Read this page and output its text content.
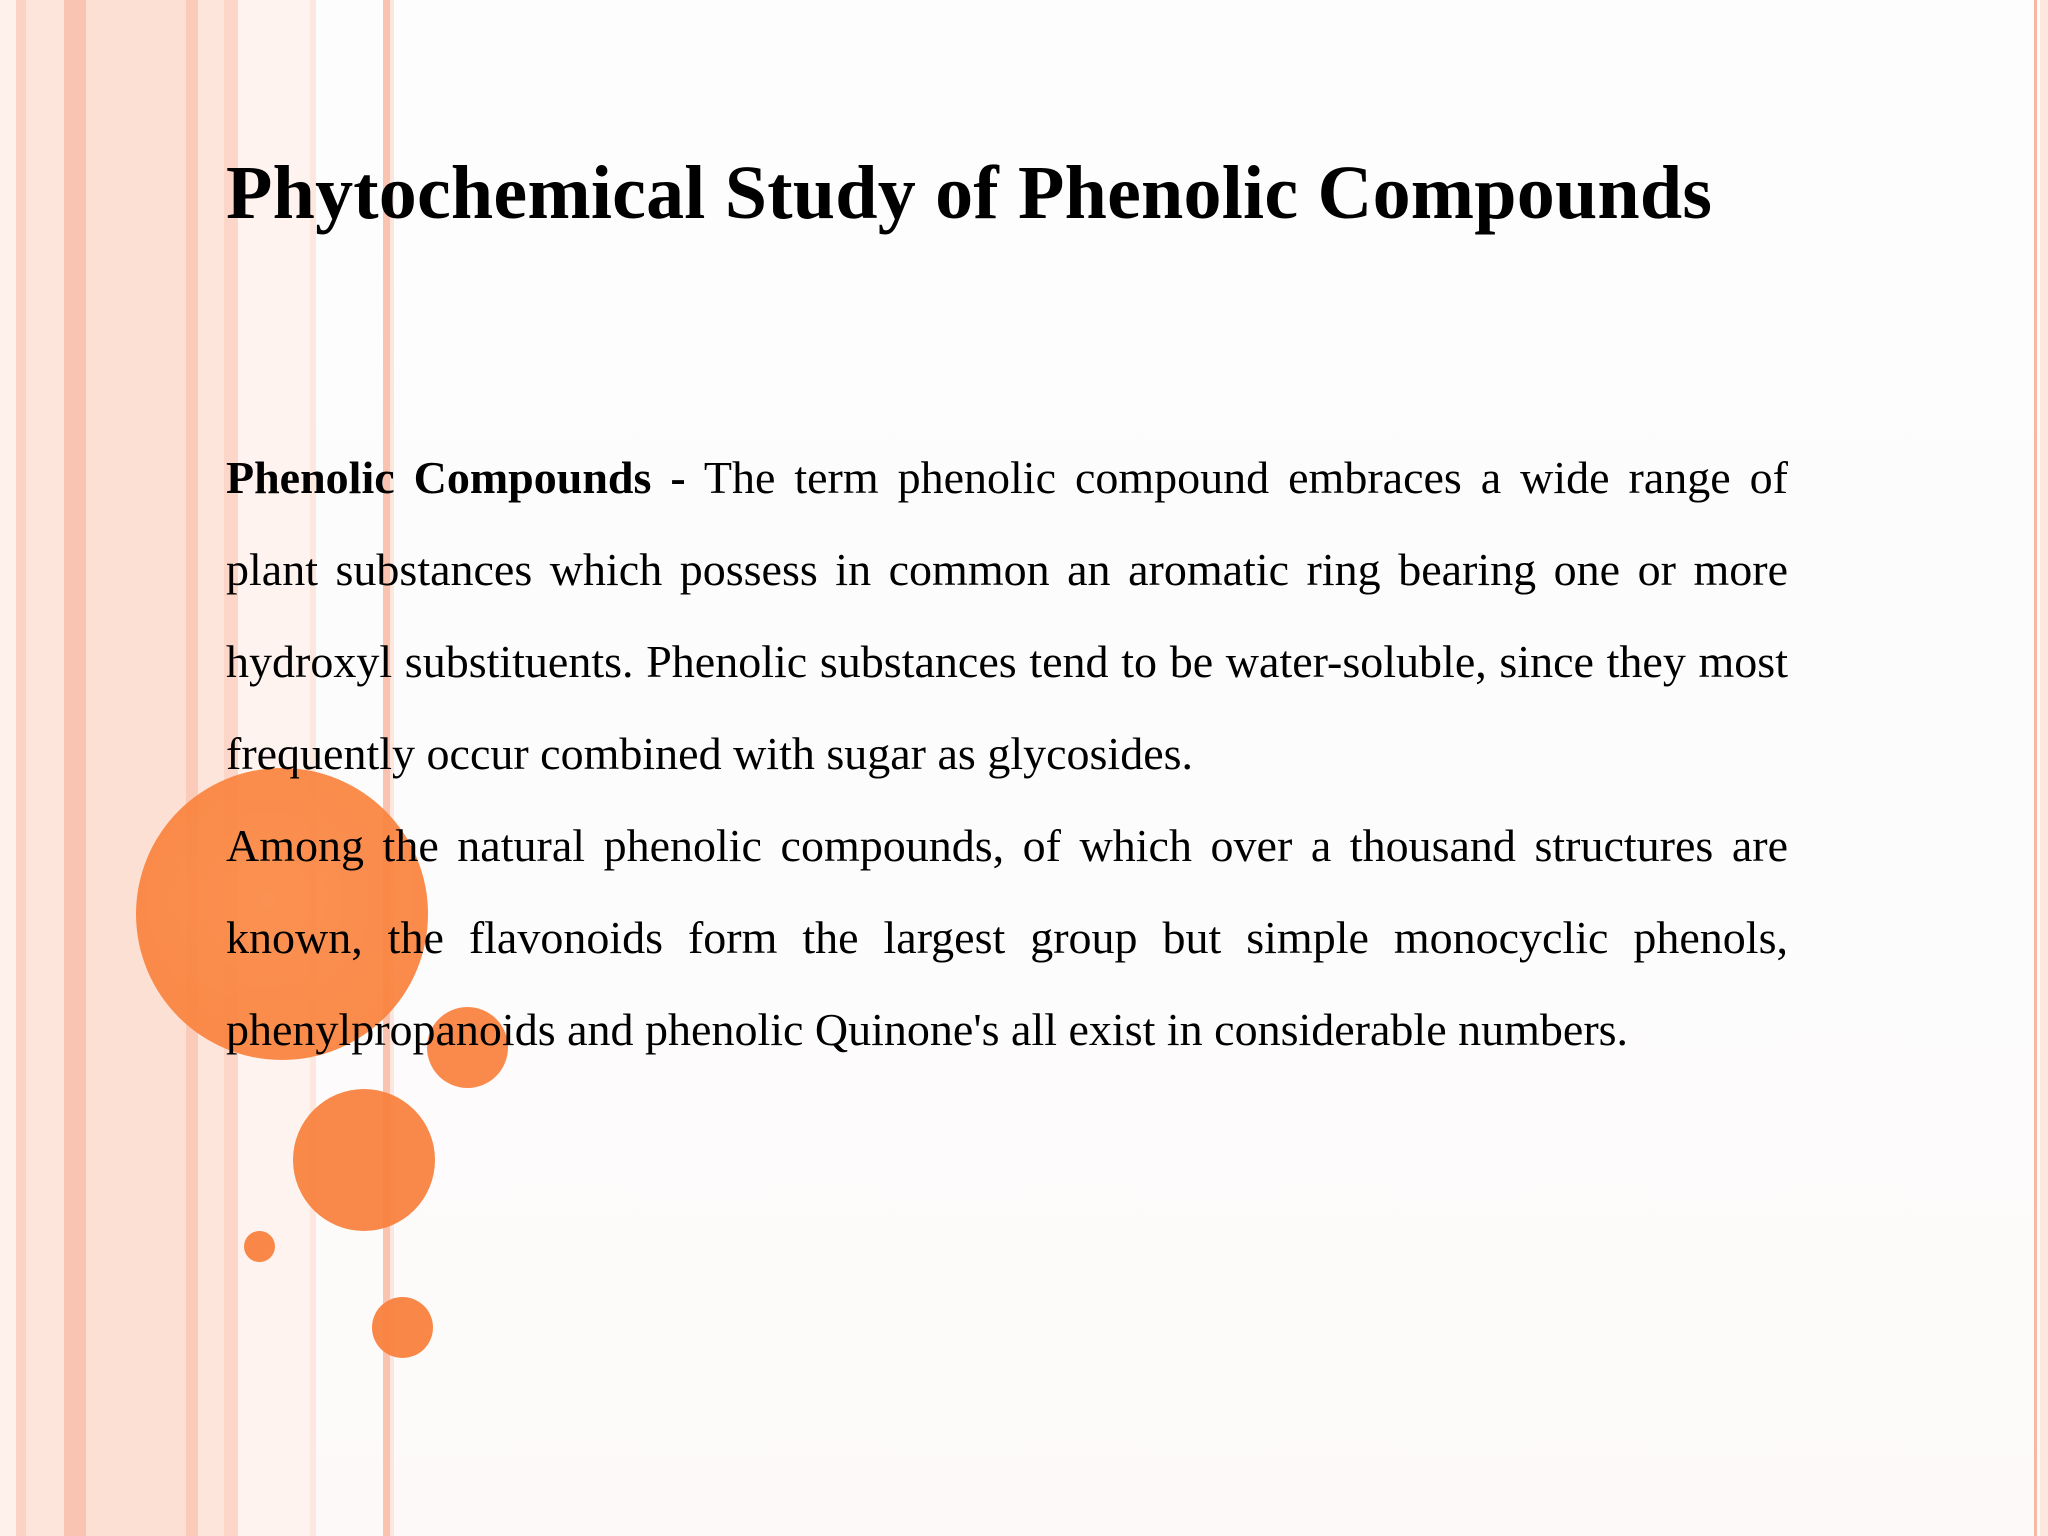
Phytochemical Study of Phenolic Compounds

Phenolic Compounds - The term phenolic compound embraces a wide range of plant substances which possess in common an aromatic ring bearing one or more hydroxyl substituents. Phenolic substances tend to be water-soluble, since they most frequently occur combined with sugar as glycosides.

Among the natural phenolic compounds, of which over a thousand structures are known, the flavonoids form the largest group but simple monocyclic phenols, phenylpropanoids and phenolic Quinone's all exist in considerable numbers.
